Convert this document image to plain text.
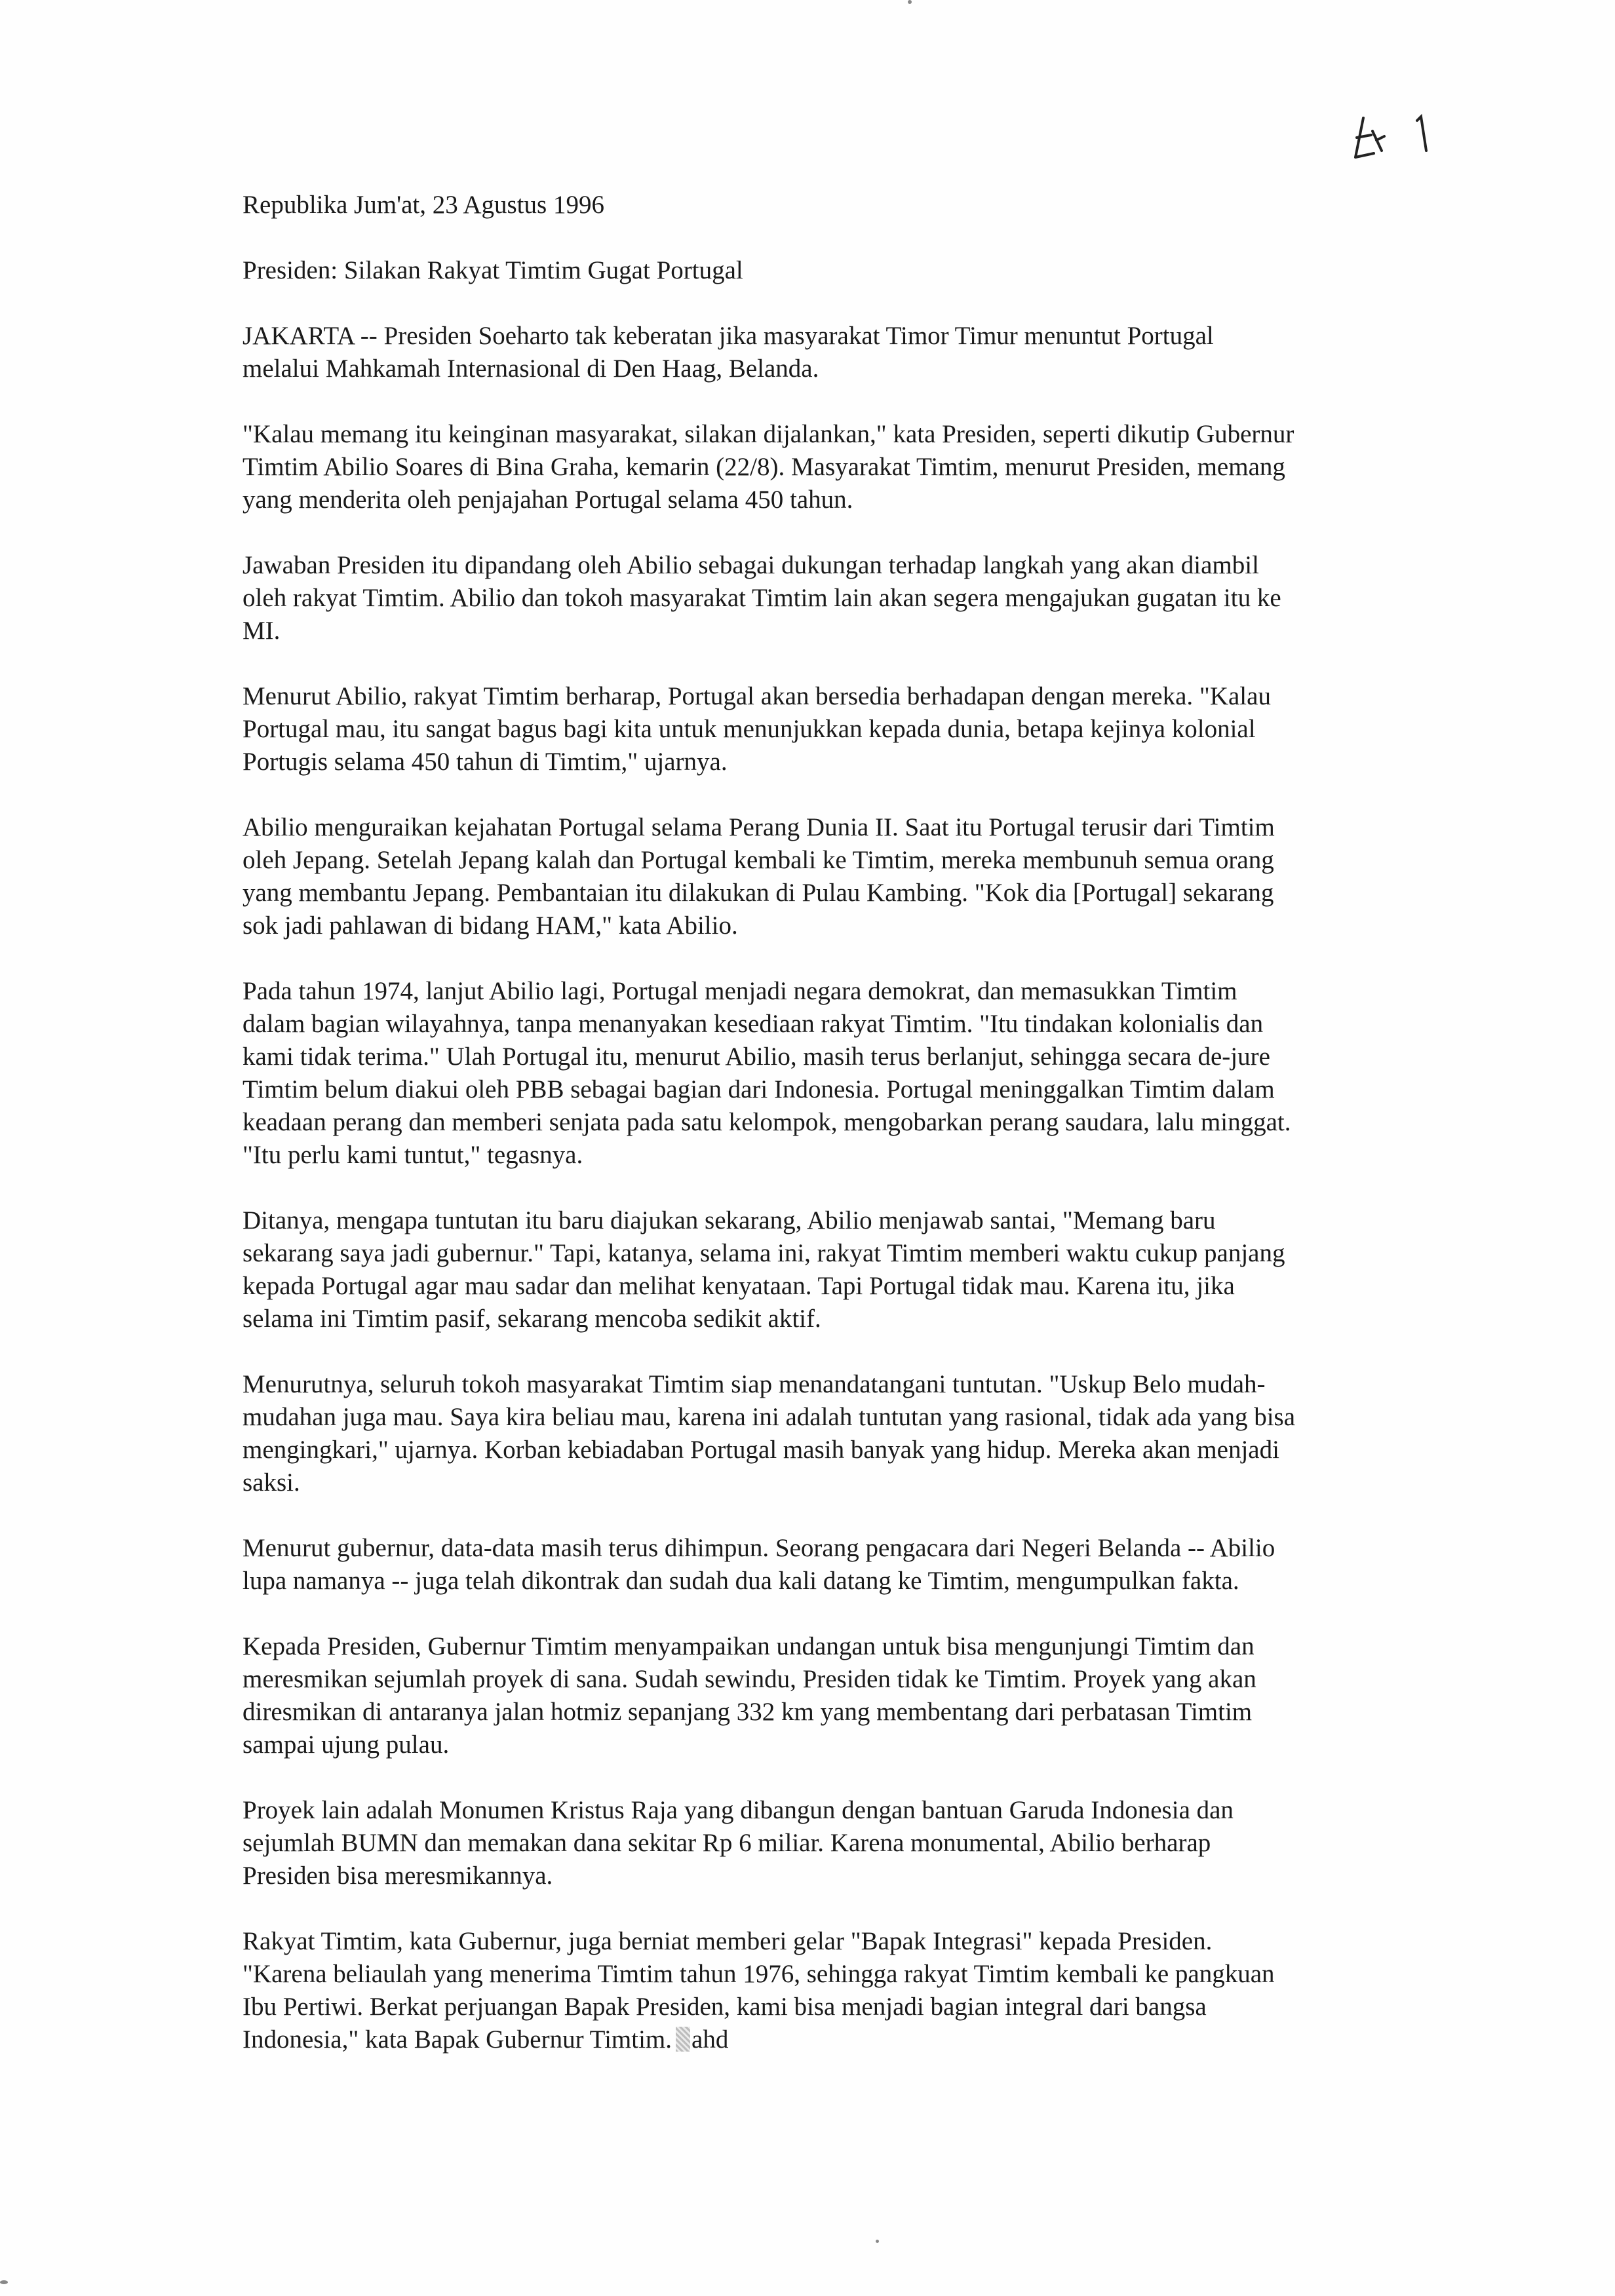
Republika Jum'at, 23 Agustus 1996

Presiden: Silakan Rakyat Timtim Gugat Portugal

JAKARTA -- Presiden Soeharto tak keberatan jika masyarakat Timor Timur menuntut Portugal

melalui Mahkamah Internasional di Den Haag, Belanda.

"Kalau memang itu keinginan masyarakat, silakan dijalankan," kata Presiden, seperti dikutip Gubernur

Timtim Abilio Soares di Bina Graha, kemarin (22/8). Masyarakat Timtim, menurut Presiden, memang

yang menderita oleh penjajahan Portugal selama 450 tahun.

Jawaban Presiden itu dipandang oleh Abilio sebagai dukungan terhadap langkah yang akan diambil

oleh rakyat Timtim. Abilio dan tokoh masyarakat Timtim lain akan segera mengajukan gugatan itu ke

MI.

Menurut Abilio, rakyat Timtim berharap, Portugal akan bersedia berhadapan dengan mereka. "Kalau

Portugal mau, itu sangat bagus bagi kita untuk menunjukkan kepada dunia, betapa kejinya kolonial

Portugis selama 450 tahun di Timtim," ujarnya.

Abilio menguraikan kejahatan Portugal selama Perang Dunia II. Saat itu Portugal terusir dari Timtim

oleh Jepang. Setelah Jepang kalah dan Portugal kembali ke Timtim, mereka membunuh semua orang

yang membantu Jepang. Pembantaian itu dilakukan di Pulau Kambing. "Kok dia [Portugal] sekarang

sok jadi pahlawan di bidang HAM," kata Abilio.

Pada tahun 1974, lanjut Abilio lagi, Portugal menjadi negara demokrat, dan memasukkan Timtim

dalam bagian wilayahnya, tanpa menanyakan kesediaan rakyat Timtim. "Itu tindakan kolonialis dan

kami tidak terima." Ulah Portugal itu, menurut Abilio, masih terus berlanjut, sehingga secara de-jure

Timtim belum diakui oleh PBB sebagai bagian dari Indonesia. Portugal meninggalkan Timtim dalam

keadaan perang dan memberi senjata pada satu kelompok, mengobarkan perang saudara, lalu minggat.

"Itu perlu kami tuntut," tegasnya.

Ditanya, mengapa tuntutan itu baru diajukan sekarang, Abilio menjawab santai, "Memang baru

sekarang saya jadi gubernur." Tapi, katanya, selama ini, rakyat Timtim memberi waktu cukup panjang

kepada Portugal agar mau sadar dan melihat kenyataan. Tapi Portugal tidak mau. Karena itu, jika

selama ini Timtim pasif, sekarang mencoba sedikit aktif.

Menurutnya, seluruh tokoh masyarakat Timtim siap menandatangani tuntutan. "Uskup Belo mudah-

mudahan juga mau. Saya kira beliau mau, karena ini adalah tuntutan yang rasional, tidak ada yang bisa

mengingkari," ujarnya. Korban kebiadaban Portugal masih banyak yang hidup. Mereka akan menjadi

saksi.

Menurut gubernur, data-data masih terus dihimpun. Seorang pengacara dari Negeri Belanda -- Abilio

lupa namanya -- juga telah dikontrak dan sudah dua kali datang ke Timtim, mengumpulkan fakta.

Kepada Presiden, Gubernur Timtim menyampaikan undangan untuk bisa mengunjungi Timtim dan

meresmikan sejumlah proyek di sana. Sudah sewindu, Presiden tidak ke Timtim. Proyek yang akan

diresmikan di antaranya jalan hotmiz sepanjang 332 km yang membentang dari perbatasan Timtim

sampai ujung pulau.

Proyek lain adalah Monumen Kristus Raja yang dibangun dengan bantuan Garuda Indonesia dan

sejumlah BUMN dan memakan dana sekitar Rp 6 miliar. Karena monumental, Abilio berharap

Presiden bisa meresmikannya.

Rakyat Timtim, kata Gubernur, juga berniat memberi gelar "Bapak Integrasi" kepada Presiden.

"Karena beliaulah yang menerima Timtim tahun 1976, sehingga rakyat Timtim kembali ke pangkuan

Ibu Pertiwi. Berkat perjuangan Bapak Presiden, kami bisa menjadi bagian integral dari bangsa

Indonesia," kata Bapak Gubernur Timtim. ahd
